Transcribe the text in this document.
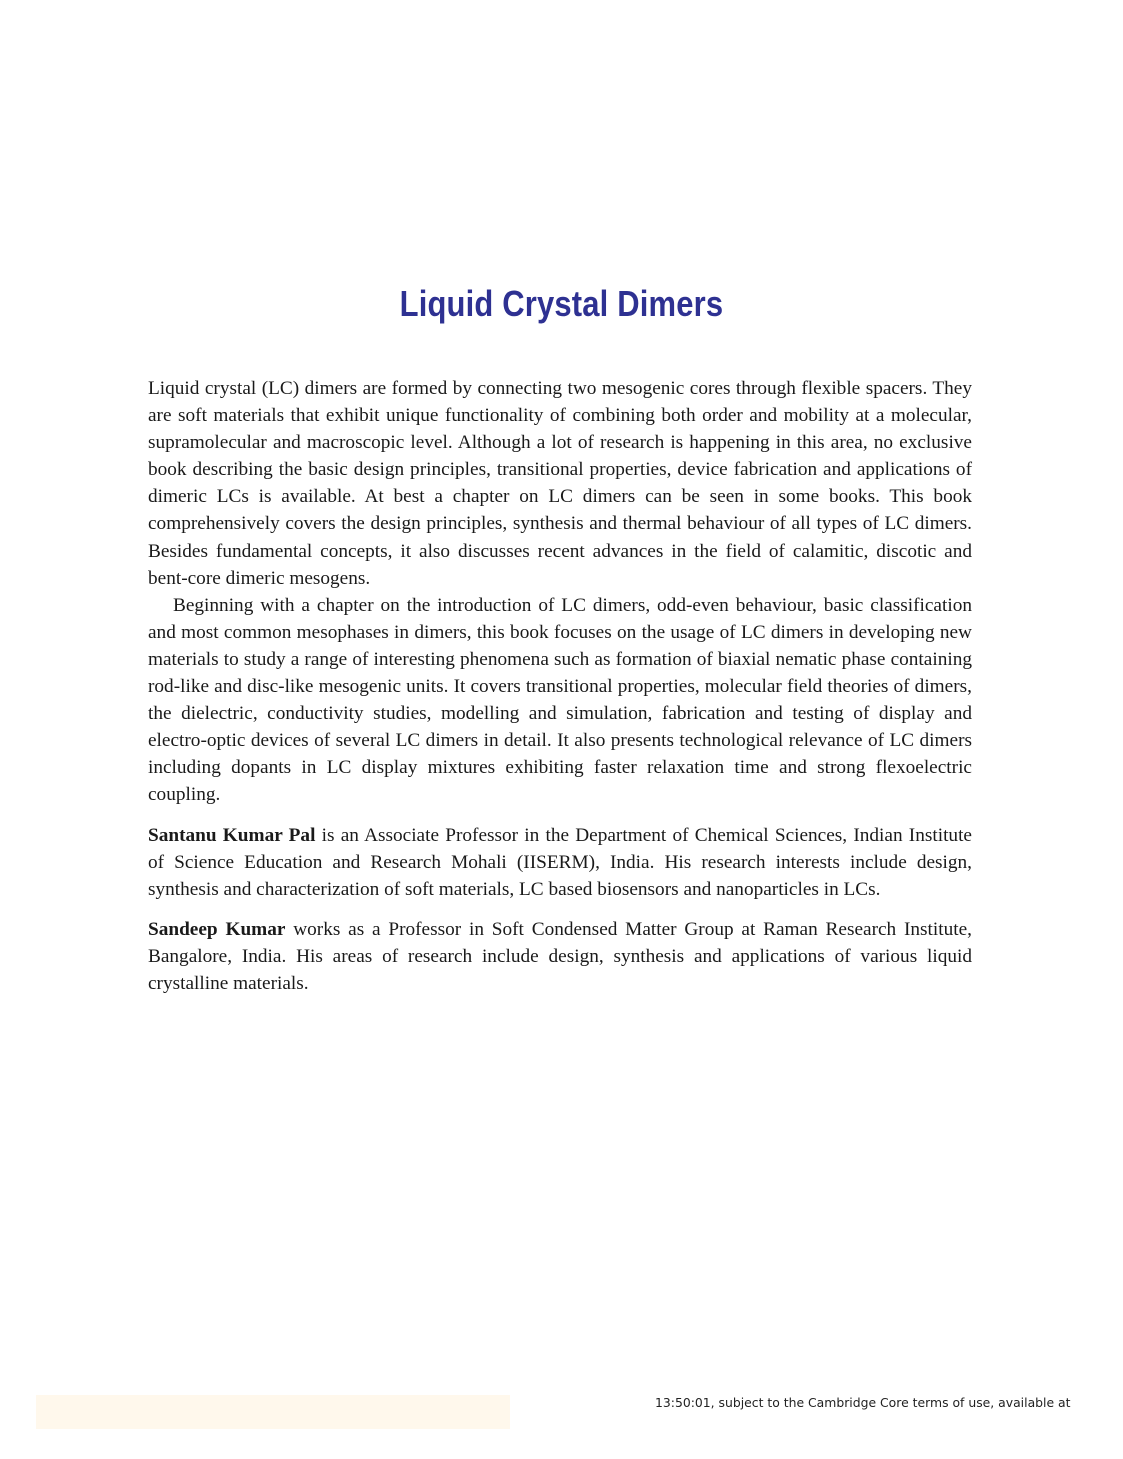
Liquid Crystal Dimers

Liquid crystal (LC) dimers are formed by connecting two mesogenic cores through flexible spacers. They are soft materials that exhibit unique functionality of combining both order and mobility at a molecular, supramolecular and macroscopic level. Although a lot of research is happening in this area, no exclusive book describing the basic design principles, transitional properties, device fabrication and applications of dimeric LCs is available. At best a chapter on LC dimers can be seen in some books. This book comprehensively covers the design principles, synthesis and thermal behaviour of all types of LC dimers. Besides fundamental concepts, it also discusses recent advances in the field of calamitic, discotic and bent-core dimeric mesogens.

Beginning with a chapter on the introduction of LC dimers, odd-even behaviour, basic classification and most common mesophases in dimers, this book focuses on the usage of LC dimers in developing new materials to study a range of interesting phenomena such as formation of biaxial nematic phase containing rod-like and disc-like mesogenic units. It covers transitional properties, molecular field theories of dimers, the dielectric, conductivity studies, modelling and simulation, fabrication and testing of display and electro-optic devices of several LC dimers in detail. It also presents technological relevance of LC dimers including dopants in LC display mixtures exhibiting faster relaxation time and strong flexoelectric coupling.

Santanu Kumar Pal is an Associate Professor in the Department of Chemical Sciences, Indian Institute of Science Education and Research Mohali (IISERM), India. His research interests include design, synthesis and characterization of soft materials, LC based biosensors and nanoparticles in LCs.

Sandeep Kumar works as a Professor in Soft Condensed Matter Group at Raman Research Institute, Bangalore, India. His areas of research include design, synthesis and applications of various liquid crystalline materials.

13:50:01, subject to the Cambridge Core terms of use, available at
